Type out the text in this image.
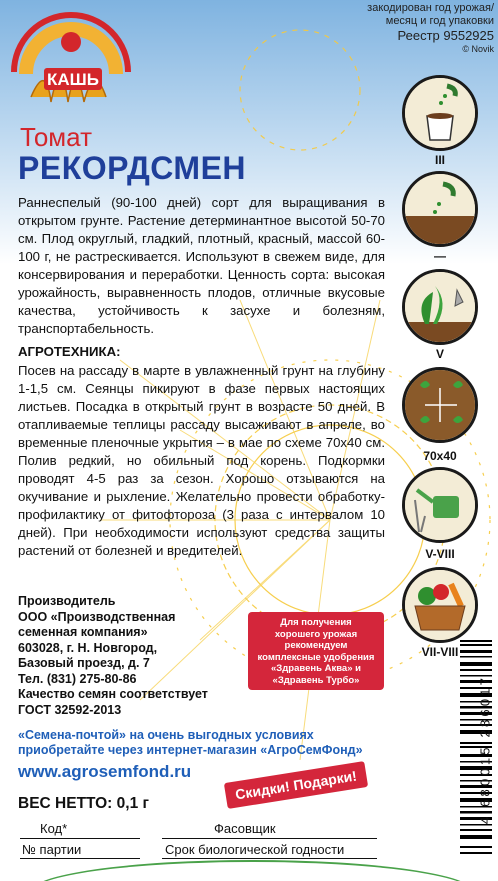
КАШЬ
закодирован год урожая/
месяц и год упаковки
Реестр 9552925
© Novik
Томат
РЕКОРДСМЕН
Раннеспелый (90-100 дней) сорт для выращивания в открытом грунте. Растение детерминантное высотой 50-70 см. Плод округлый, гладкий, плотный, красный, массой 60-100 г, не растрескивается. Используют в свежем виде, для консервирования и переработки. Ценность сорта: высокая урожайность, выравненность плодов, отличные вкусовые качества, устойчивость к засухе и болезням, транспортабельность.
АГРОТЕХНИКА:
Посев на рассаду в марте в увлажненный грунт на глубину 1-1,5 см. Сеянцы пикируют в фазе первых настоящих листьев. Посадка в открытый грунт в возрасте 50 дней. В отапливаемые теплицы рассаду высаживают в апреле, во временные пленочные укрытия – в мае по схеме 70х40 см. Полив редкий, но обильный под корень. Подкормки проводят 4-5 раз за сезон. Хорошо отзываются на окучивание и рыхление. Желательно провести обработку-профилактику от фитофтороза (3 раза с интервалом 10 дней). При необходимости используют средства защиты растений от болезней и вредителей.
III
—
V
70x40
V-VIII
VII-VIII
Производитель
ООО «Производственная
семенная компания»
603028, г. Н. Новгород,
Базовый проезд, д. 7
Тел. (831) 275-80-86
Качество семян соответствует
ГОСТ 32592-2013
Для получения
хорошего урожая
рекомендуем
комплексные удобрения
«Здравень Аква» и
«Здравень Турбо»
«Семена-почтой» на очень выгодных условиях
приобретайте через интернет-магазин «АгроСемФонд»
www.agrosemfond.ru	Скидки! Подарки!
ВЕС НЕТТО: 0,1 г
Код*	Фасовщик
№ партии	Срок биологической годности
4 680015 286017
